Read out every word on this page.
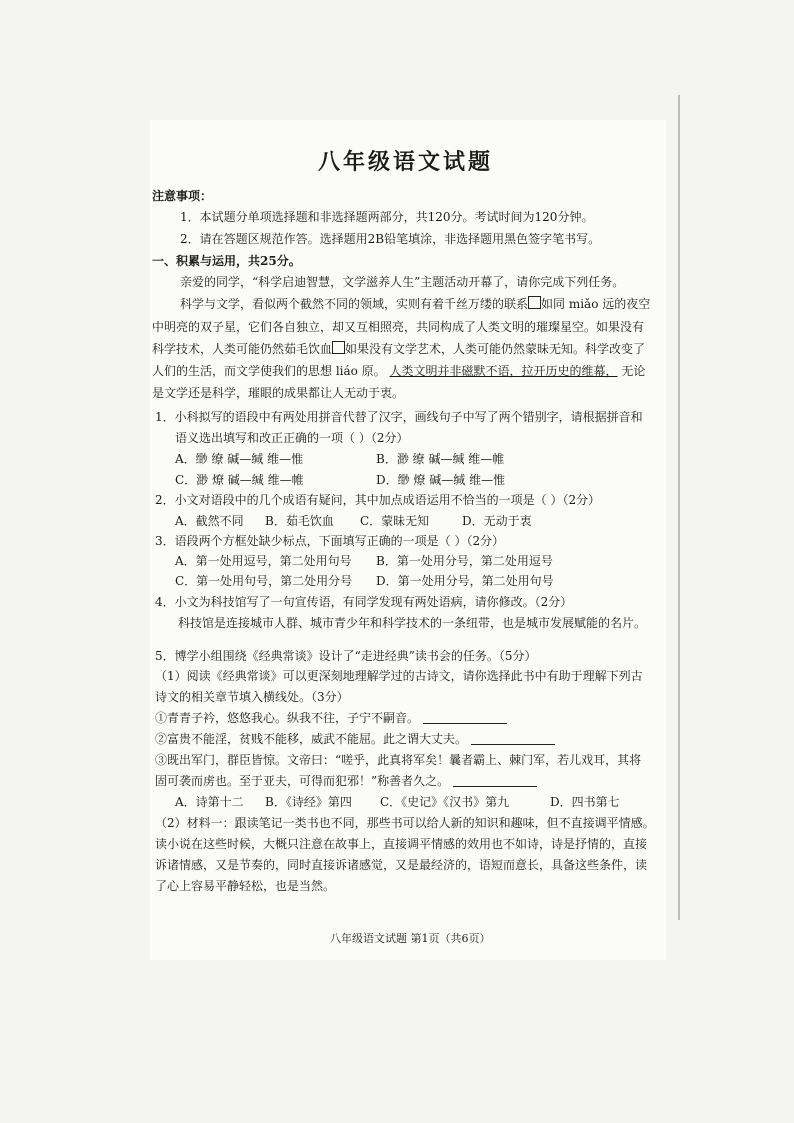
八年级语文试题
注意事项：
1．本试题分单项选择题和非选择题两部分，共120分。考试时间为120分钟。
2．请在答题区规范作答。选择题用2B铅笔填涂，非选择题用黑色签字笔书写。
一、积累与运用，共25分。
亲爱的同学，“科学启迪智慧，文学滋养人生”主题活动开幕了，请你完成下列任务。
科学与文学，看似两个截然不同的领域，实则有着千丝万缕的联系 如同 miǎo 远的夜空
中明亮的双子星，它们各自独立，却又互相照亮，共同构成了人类文明的璀璨星空。如果没有
科学技术，人类可能仍然茹毛饮血 如果没有文学艺术，人类可能仍然蒙昧无知。科学改变了
人们的生活，而文学使我们的思想 liáo 原。 人类文明并非磁默不语，拉开历史的维幕， 无论
是文学还是科学，璀眼的成果都让人无动于衷。
1．小科拟写的语段中有两处用拼音代替了汉字，画线句子中写了两个错别字，请根据拼音和
语义选出填写和改正正确的一项（ ）（2分）
A．缈 缭 碱—缄 维—惟	B．渺 缭 碱—缄 维—帷
C．渺 燎 碱—缄 维—帷	D．缈 燎 碱—缄 维—惟
2．小文对语段中的几个成语有疑问，其中加点成语运用不恰当的一项是（ ）（2分）
A．截然不同 B．茹毛饮血 C．蒙昧无知	D．无动于衷
3．语段两个方框处缺少标点，下面填写正确的一项是（ ）（2分）
A．第一处用逗号，第二处用句号 B．第一处用分号，第二处用逗号
C．第一处用句号，第二处用分号 D．第一处用分号，第二处用句号
4．小文为科技馆写了一句宣传语，有同学发现有两处语病，请你修改。（2分）
科技馆是连接城市人群、城市青少年和科学技术的一条纽带，也是城市发展赋能的名片。
5．博学小组围绕《经典常谈》设计了“走进经典”读书会的任务。（5分）
（1）阅读《经典常谈》可以更深刻地理解学过的古诗文，请你选择此书中有助于理解下列古
诗文的相关章节填入横线处。（3分）
①青青子衿，悠悠我心。纵我不往，子宁不嗣音。
②富贵不能淫，贫贱不能移，威武不能屈。此之谓大丈夫。
③既出军门，群臣皆惊。文帝曰：“嗟乎，此真将军矣！曩者霸上、棘门军，若儿戏耳，其将
固可袭而虏也。至于亚夫，可得而犯邪！”称善者久之。
A．诗第十二 B．《诗经》第四 C．《史记》《汉书》第九	D．四书第七
（2）材料一：跟读笔记一类书也不同，那些书可以给人新的知识和趣味，但不直接调平情感。
读小说在这些时候，大概只注意在故事上，直接调平情感的效用也不如诗，诗是抒情的，直接
诉诸情感，又是节奏的，同时直接诉诸感觉，又是最经济的，语短而意长，具备这些条件，读
了心上容易平静轻松，也是当然。
八年级语文试题 第1页（共6页）
